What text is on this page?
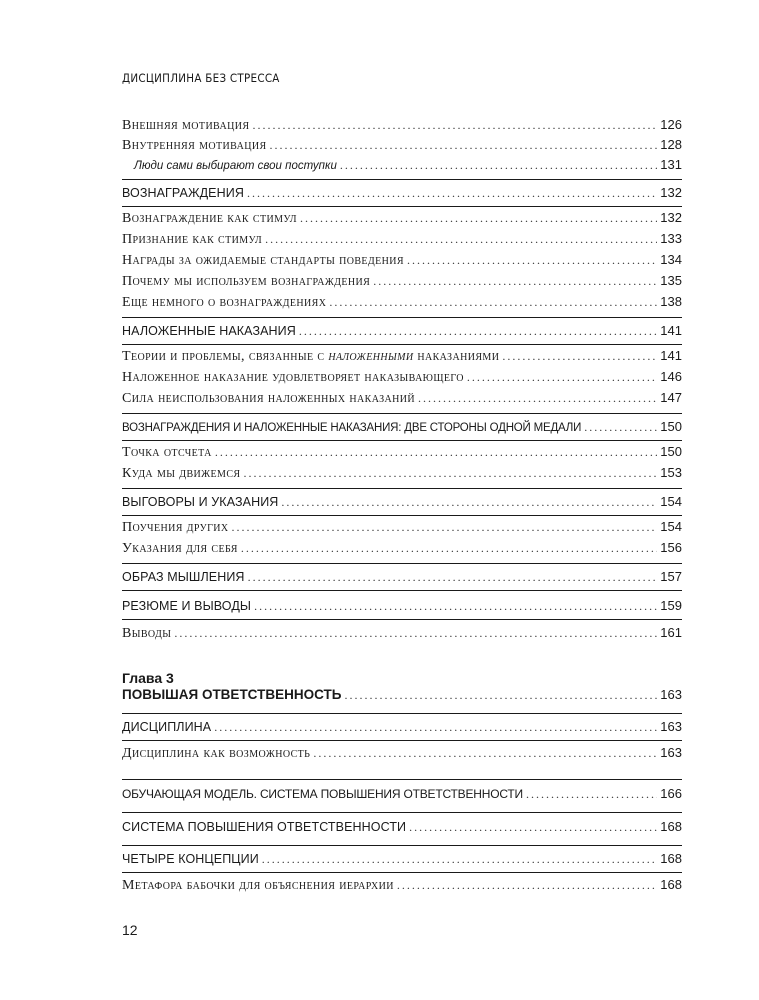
ДИСЦИПЛИНА БЕЗ СТРЕССА
Внешняя мотивация . . .	126
Внутренняя мотивация . . .	128
Люди сами выбирают свои поступки . . .	131
ВОЗНАГРАЖДЕНИЯ . . .	132
Вознаграждение как стимул . . .	132
Признание как стимул . . .	133
Награды за ожидаемые стандарты поведения . . .	134
Почему мы используем вознаграждения . . .	135
Еще немного о вознаграждениях . . .	138
НАЛОЖЕННЫЕ НАКАЗАНИЯ . . .	141
Теории и проблемы, связанные с наложенными наказаниями . . .	141
Наложенное наказание удовлетворяет наказывающего . . .	146
Сила неиспользования наложенных наказаний . . .	147
ВОЗНАГРАЖДЕНИЯ И НАЛОЖЕННЫЕ НАКАЗАНИЯ: ДВЕ СТОРОНЫ ОДНОЙ МЕДАЛИ . . .	150
Точка отсчета . . .	150
Куда мы движемся . . .	153
ВЫГОВОРЫ И УКАЗАНИЯ . . .	154
Поучения других . . .	154
Указания для себя . . .	156
ОБРАЗ МЫШЛЕНИЯ . . .	157
РЕЗЮМЕ И ВЫВОДЫ . . .	159
Выводы . . .	161
Глава 3
ПОВЫШАЯ ОТВЕТСТВЕННОСТЬ . . .	163
ДИСЦИПЛИНА . . .	163
Дисциплина как возможность . . .	163
ОБУЧАЮЩАЯ МОДЕЛЬ. СИСТЕМА ПОВЫШЕНИЯ ОТВЕТСТВЕННОСТИ . . .	166
СИСТЕМА ПОВЫШЕНИЯ ОТВЕТСТВЕННОСТИ . . .	168
ЧЕТЫРЕ КОНЦЕПЦИИ . . .	168
Метафора бабочки для объяснения иерархии . . .	168
12
